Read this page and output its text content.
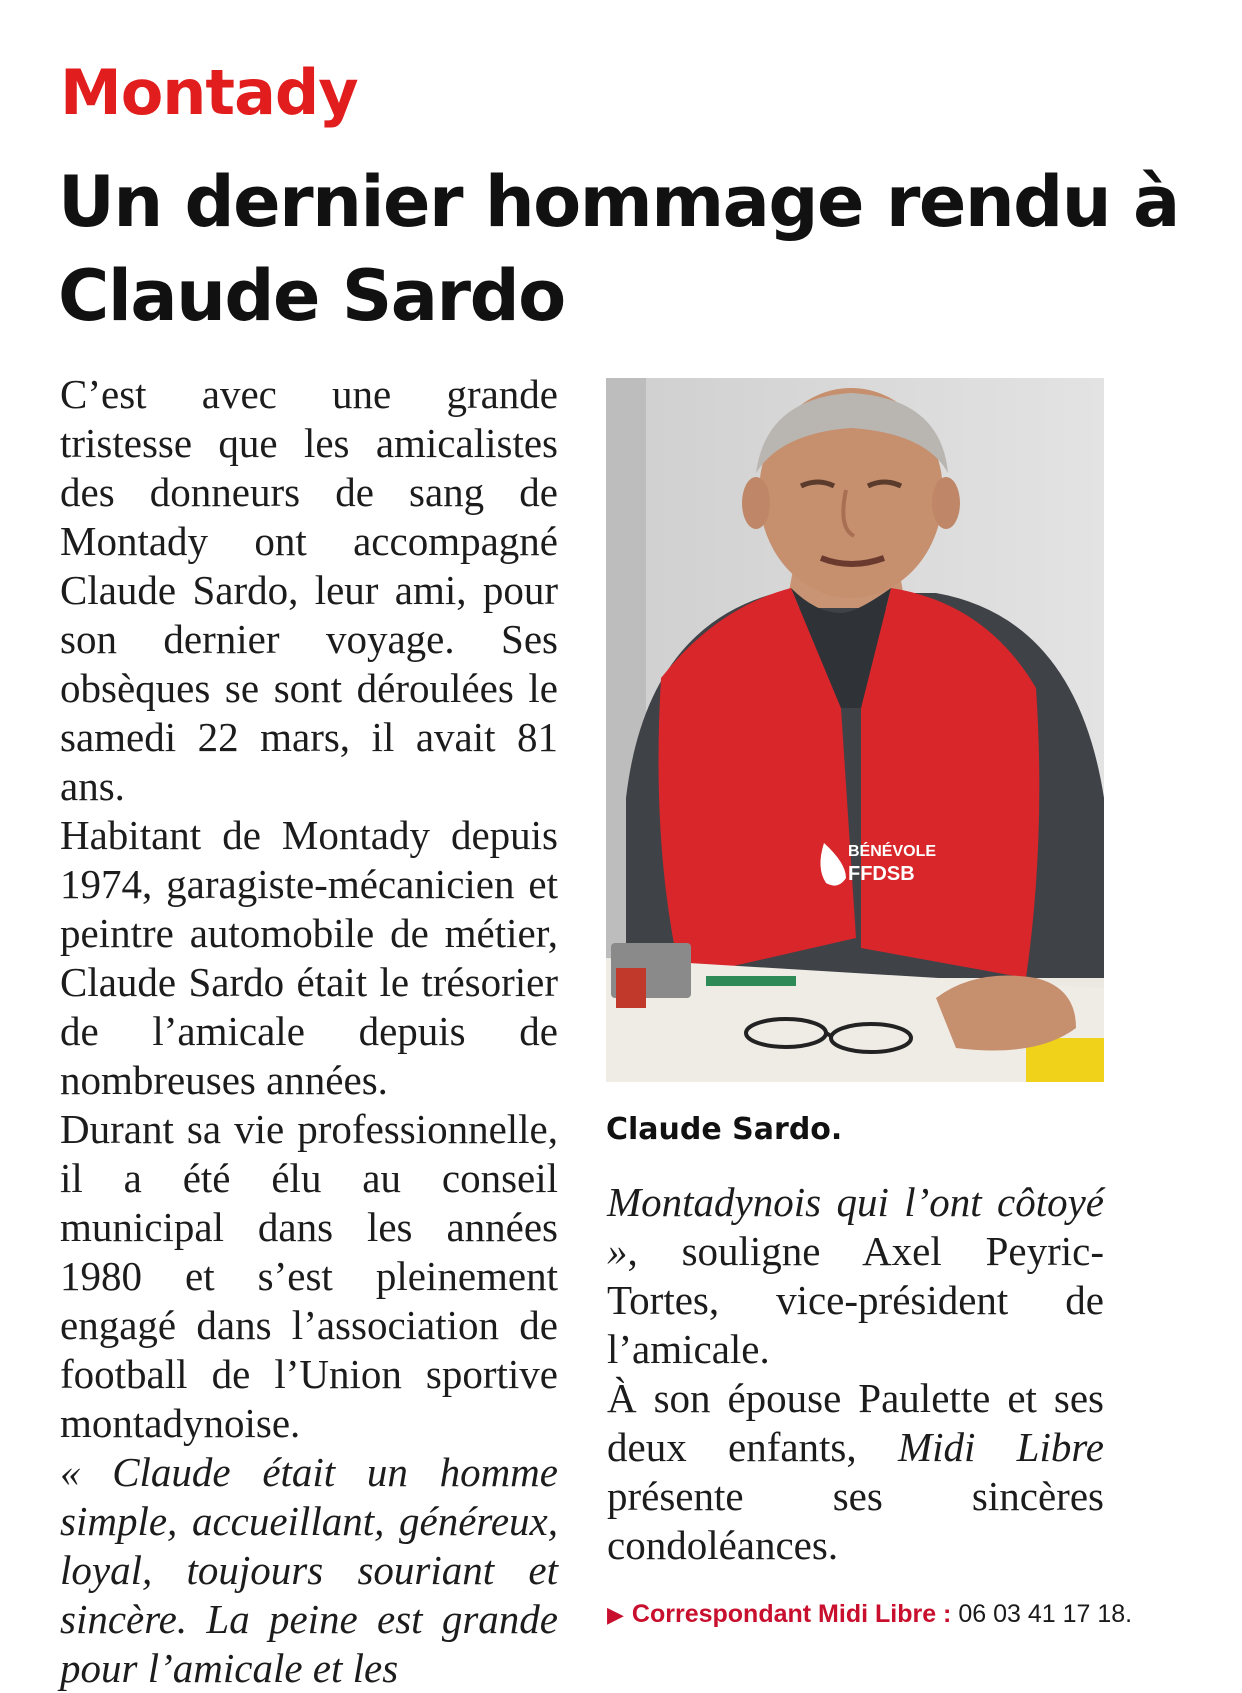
Montady
Un dernier hommage rendu à Claude Sardo

C’est avec une grande tristesse que les amicalistes des donneurs de sang de Montady ont accompagné Claude Sardo, leur ami, pour son dernier voyage. Ses obsèques se sont déroulées le samedi 22 mars, il avait 81 ans.

Habitant de Montady depuis 1974, garagiste-mécanicien et peintre automobile de métier, Claude Sardo était le trésorier de l’amicale depuis de nombreuses années.

Durant sa vie professionnelle, il a été élu au conseil municipal dans les années 1980 et s’est pleinement engagé dans l’association de football de l’Union sportive montadynoise.

« Claude était un homme simple, accueillant, généreux, loyal, toujours souriant et sincère. La peine est grande pour l’amicale et les

BÉNÉVOLE
FFDSB
Claude Sardo.

Montadynois qui l’ont côtoyé », souligne Axel Peyric-Tortes, vice-président de l’amicale.

À son épouse Paulette et ses deux enfants, Midi Libre présente ses sincères condoléances.

▶ Correspondant Midi Libre : 06 03 41 17 18.
